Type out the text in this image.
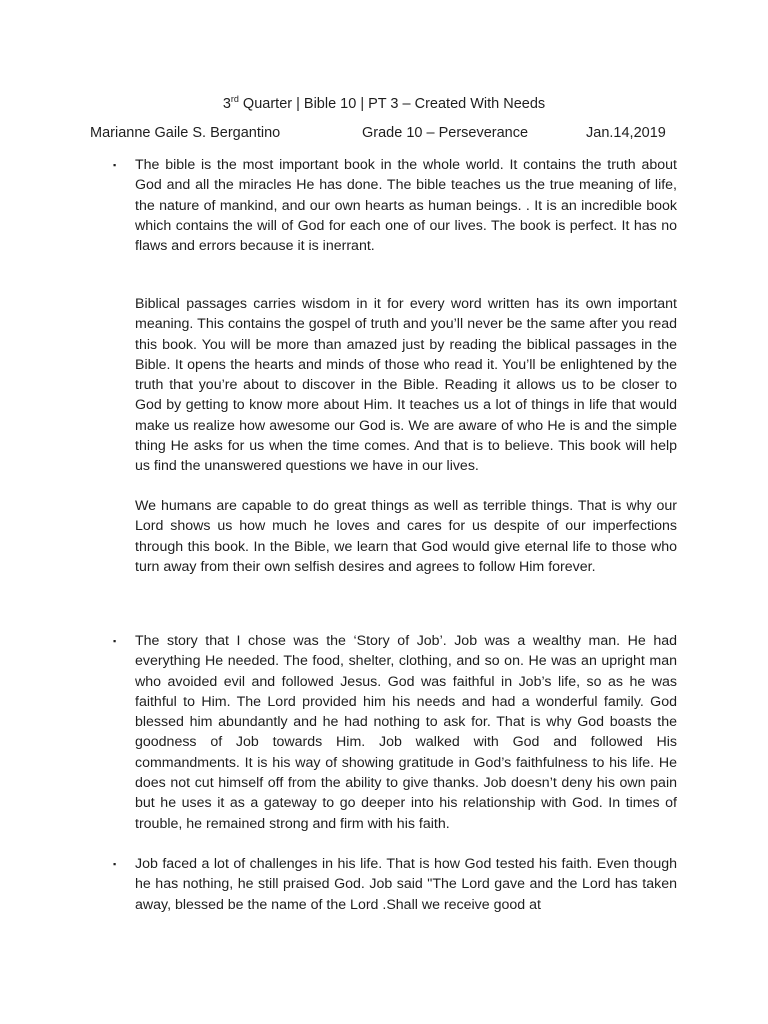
3rd Quarter | Bible 10 | PT 3 – Created With Needs
Marianne Gaile S. Bergantino	Grade 10 – Perseverance	Jan.14,2019
▪ The bible is the most important book in the whole world. It contains the truth about God and all the miracles He has done. The bible teaches us the true meaning of life, the nature of mankind, and our own hearts as human beings. . It is an incredible book which contains the will of God for each one of our lives. The book is perfect. It has no flaws and errors because it is inerrant.

Biblical passages carries wisdom in it for every word written has its own important meaning. This contains the gospel of truth and you’ll never be the same after you read this book. You will be more than amazed just by reading the biblical passages in the Bible. It opens the hearts and minds of those who read it. You’ll be enlightened by the truth that you’re about to discover in the Bible. Reading it allows us to be closer to God by getting to know more about Him. It teaches us a lot of things in life that would make us realize how awesome our God is. We are aware of who He is and the simple thing He asks for us when the time comes. And that is to believe. This book will help us find the unanswered questions we have in our lives.

We humans are capable to do great things as well as terrible things. That is why our Lord shows us how much he loves and cares for us despite of our imperfections through this book. In the Bible, we learn that God would give eternal life to those who turn away from their own selfish desires and agrees to follow Him forever.

▪ The story that I chose was the ‘Story of Job’. Job was a wealthy man. He had everything He needed. The food, shelter, clothing, and so on. He was an upright man who avoided evil and followed Jesus. God was faithful in Job’s life, so as he was faithful to Him. The Lord provided him his needs and had a wonderful family. God blessed him abundantly and he had nothing to ask for. That is why God boasts the goodness of Job towards Him. Job walked with God and followed His commandments. It is his way of showing gratitude in God’s faithfulness to his life. He does not cut himself off from the ability to give thanks. Job doesn’t deny his own pain but he uses it as a gateway to go deeper into his relationship with God. In times of trouble, he remained strong and firm with his faith.

▪ Job faced a lot of challenges in his life. That is how God tested his faith. Even though he has nothing, he still praised God. Job said "The Lord gave and the Lord has taken away, blessed be the name of the Lord .Shall we receive good at
